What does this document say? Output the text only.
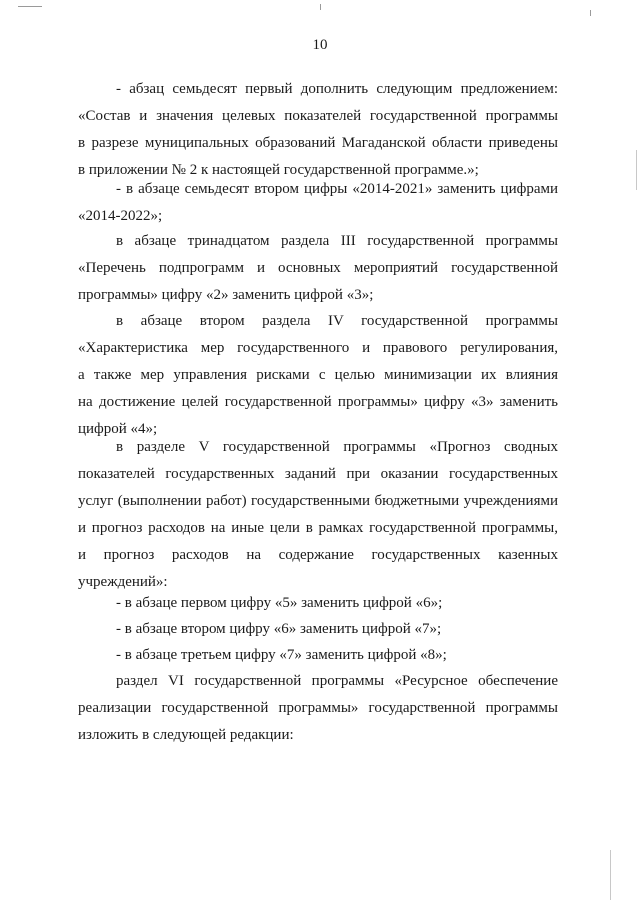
10
- абзац семьдесят первый дополнить следующим предложением:
«Состав и значения целевых показателей государственной программы
в разрезе муниципальных образований Магаданской области приведены
в приложении № 2 к настоящей государственной программе.»;
- в абзаце семьдесят втором цифры «2014-2021» заменить цифрами
«2014-2022»;
в абзаце тринадцатом раздела III государственной программы
«Перечень подпрограмм и основных мероприятий государственной
программы» цифру «2» заменить цифрой «3»;
в абзаце втором раздела IV государственной программы
«Характеристика мер государственного и правового регулирования,
а также мер управления рисками с целью минимизации их влияния
на достижение целей государственной программы» цифру «3» заменить
цифрой «4»;
в разделе V государственной программы «Прогноз сводных
показателей государственных заданий при оказании государственных
услуг (выполнении работ) государственными бюджетными учреждениями
и прогноз расходов на иные цели в рамках государственной программы,
и прогноз расходов на содержание государственных казенных
учреждений»:
- в абзаце первом цифру «5» заменить цифрой «6»;
- в абзаце втором цифру «6» заменить цифрой «7»;
- в абзаце третьем цифру «7» заменить цифрой «8»;
раздел VI государственной программы «Ресурсное обеспечение
реализации государственной программы» государственной программы
изложить в следующей редакции:
